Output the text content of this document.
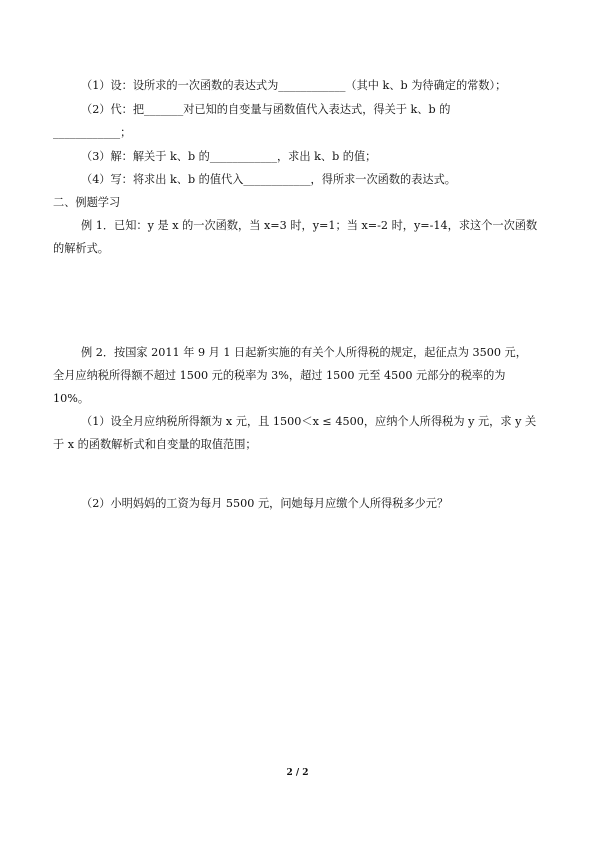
（1）设：设所求的一次函数的表达式为____________（其中 k、b 为待确定的常数）；
（2）代：把_______对已知的自变量与函数值代入表达式，得关于 k、b 的
____________；
（3）解：解关于 k、b 的____________，求出 k、b 的值；
（4）写：将求出 k、b 的值代入____________，得所求一次函数的表达式。
二、例题学习
例 1．已知：y 是 x 的一次函数，当 x=3 时，y=1；当 x=-2 时，y=-14，求这个一次函数
的解析式。
例 2．按国家 2011 年 9 月 1 日起新实施的有关个人所得税的规定，起征点为 3500 元，
全月应纳税所得额不超过 1500 元的税率为 3%，超过 1500 元至 4500 元部分的税率的为
10%。
（1）设全月应纳税所得额为 x 元，且 1500＜x ≤ 4500，应纳个人所得税为 y 元，求 y 关
于 x 的函数解析式和自变量的取值范围；
（2）小明妈妈的工资为每月 5500 元，问她每月应缴个人所得税多少元？
2 / 2
